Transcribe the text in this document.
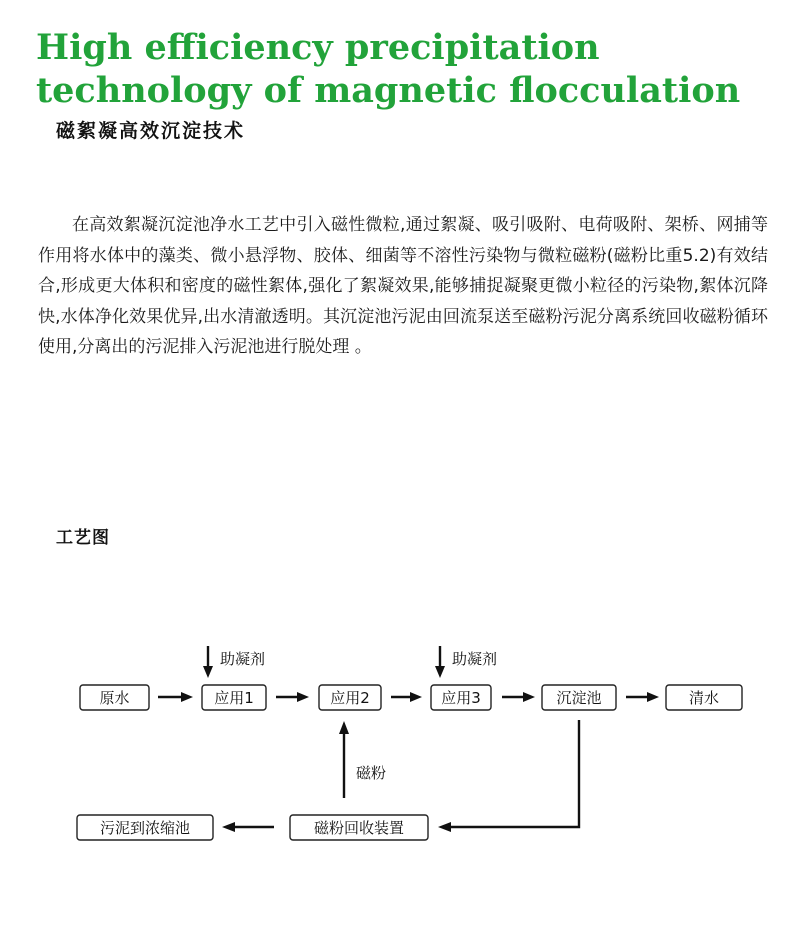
High efficiency precipitation technology of magnetic flocculation
磁絮凝高效沉淀技术

在高效絮凝沉淀池净水工艺中引入磁性微粒,通过絮凝、吸引吸附、电荷吸附、架桥、网捕等作用将水体中的藻类、微小悬浮物、胶体、细菌等不溶性污染物与微粒磁粉(磁粉比重5.2)有效结合,形成更大体积和密度的磁性絮体,强化了絮凝效果,能够捕捉凝聚更微小粒径的污染物,絮体沉降快,水体净化效果优异,出水清澈透明。其沉淀池污泥由回流泵送至磁粉污泥分离系统回收磁粉循环使用,分离出的污泥排入污泥池进行脱处理 。

工艺图
原水	应用1	应用2	应用3	沉淀池	清水
磁粉回收装置
污泥到浓缩池
助凝剂	助凝剂
磁粉
